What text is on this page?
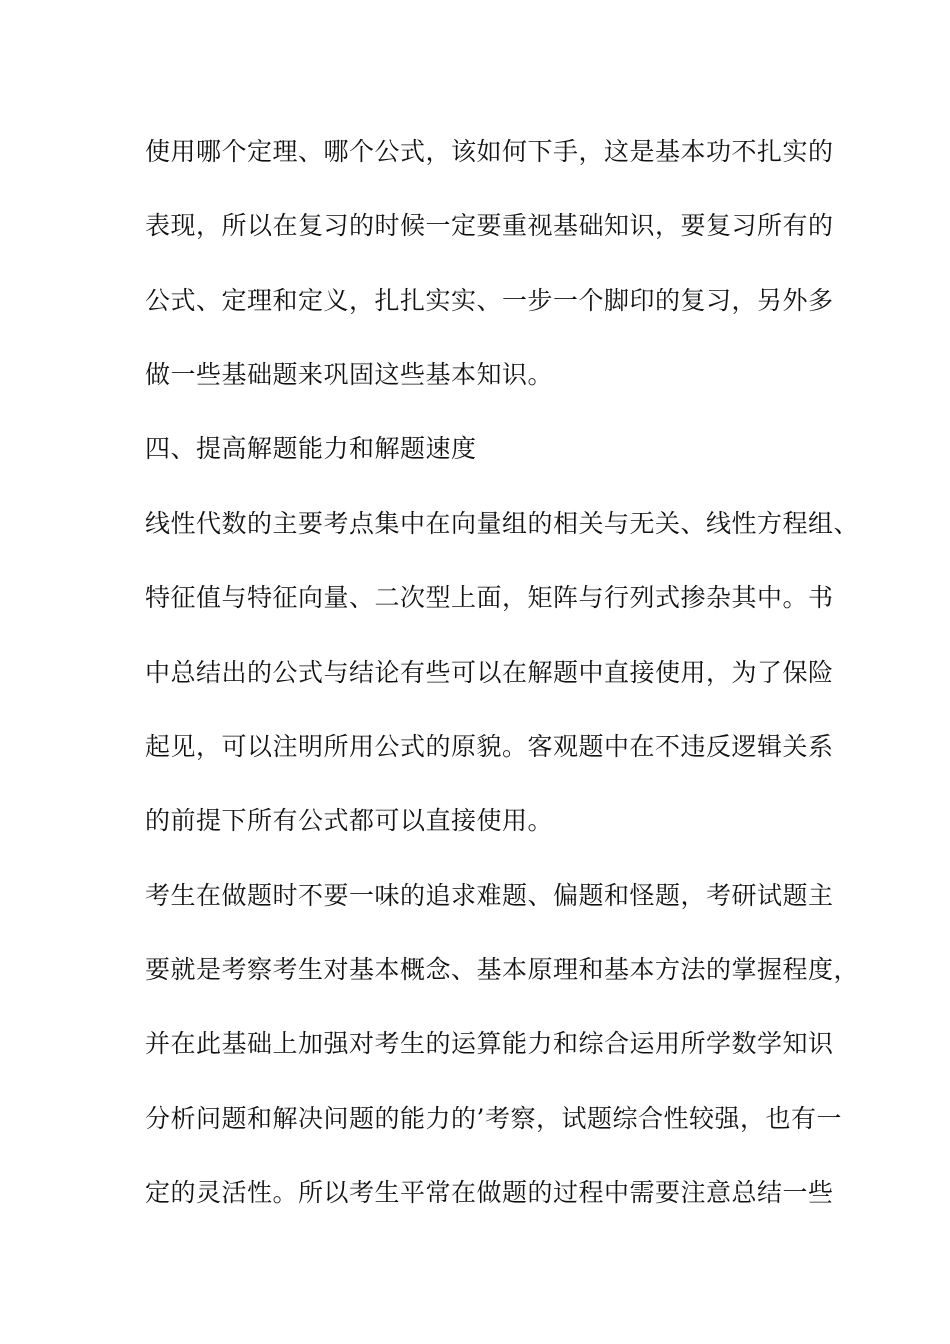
使用哪个定理、哪个公式，该如何下手，这是基本功不扎实的
表现，所以在复习的时候一定要重视基础知识，要复习所有的
公式、定理和定义，扎扎实实、一步一个脚印的复习，另外多
做一些基础题来巩固这些基本知识。
四、提高解题能力和解题速度
线性代数的主要考点集中在向量组的相关与无关、线性方程组、
特征值与特征向量、二次型上面，矩阵与行列式掺杂其中。书
中总结出的公式与结论有些可以在解题中直接使用，为了保险
起见，可以注明所用公式的原貌。客观题中在不违反逻辑关系
的前提下所有公式都可以直接使用。
考生在做题时不要一味的追求难题、偏题和怪题，考研试题主
要就是考察考生对基本概念、基本原理和基本方法的掌握程度，
并在此基础上加强对考生的运算能力和综合运用所学数学知识
分析问题和解决问题的能力的’考察，试题综合性较强，也有一
定的灵活性。所以考生平常在做题的过程中需要注意总结一些
